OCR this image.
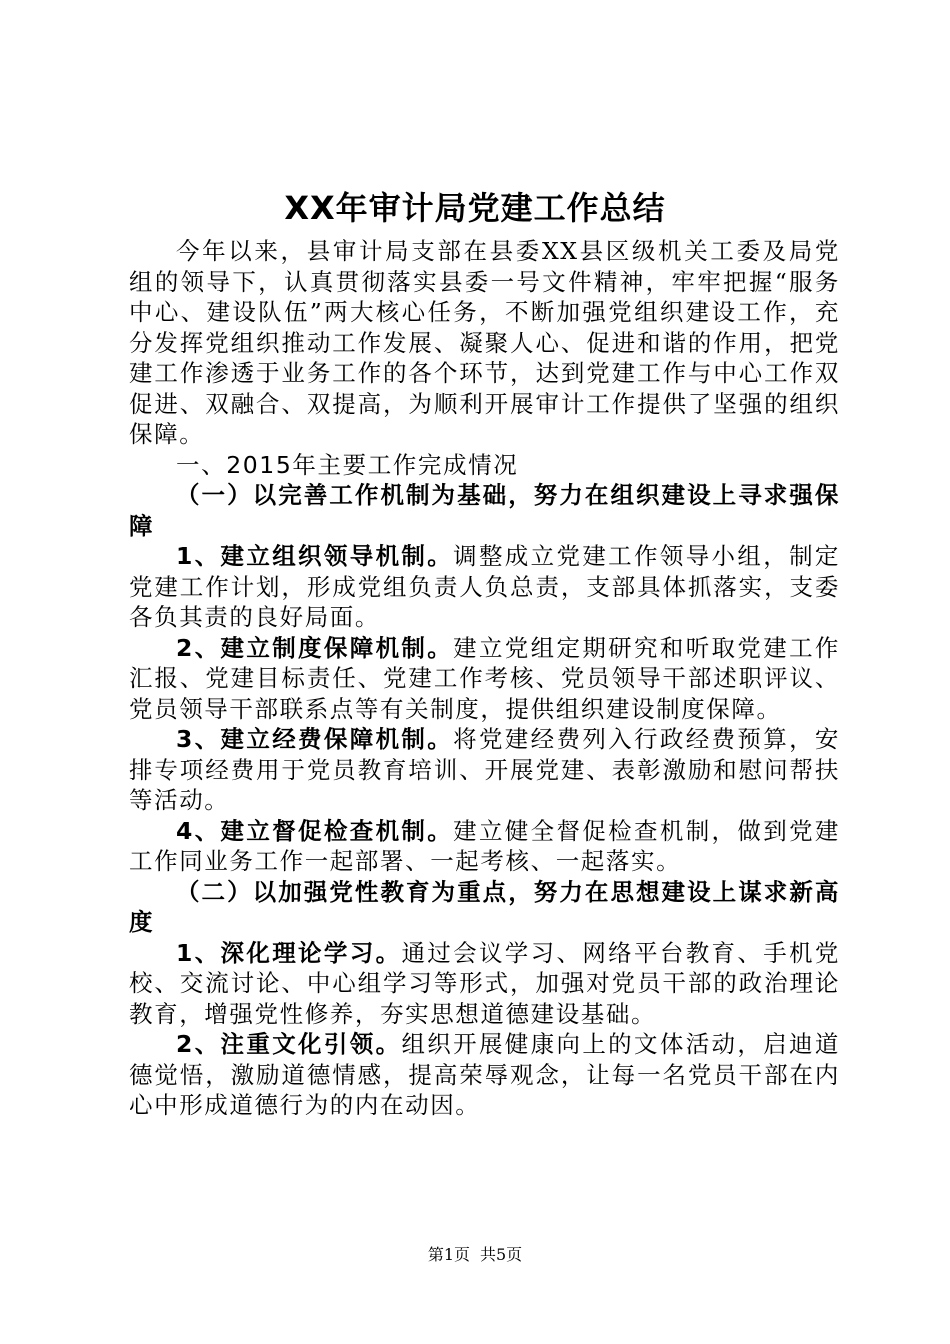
XX年审计局党建工作总结

今年以来，县审计局支部在县委XX县区级机关工委及局党组的领导下，认真贯彻落实县委一号文件精神，牢牢把握“服务中心、建设队伍”两大核心任务，不断加强党组织建设工作，充分发挥党组织推动工作发展、凝聚人心、促进和谐的作用，把党建工作渗透于业务工作的各个环节，达到党建工作与中心工作双促进、双融合、双提高，为顺利开展审计工作提供了坚强的组织保障。

一、2015年主要工作完成情况

（一）以完善工作机制为基础，努力在组织建设上寻求强保障

1、建立组织领导机制。调整成立党建工作领导小组，制定党建工作计划，形成党组负责人负总责，支部具体抓落实，支委各负其责的良好局面。

2、建立制度保障机制。建立党组定期研究和听取党建工作汇报、党建目标责任、党建工作考核、党员领导干部述职评议、党员领导干部联系点等有关制度，提供组织建设制度保障。

3、建立经费保障机制。将党建经费列入行政经费预算，安排专项经费用于党员教育培训、开展党建、表彰激励和慰问帮扶等活动。

4、建立督促检查机制。建立健全督促检查机制，做到党建工作同业务工作一起部署、一起考核、一起落实。

（二）以加强党性教育为重点，努力在思想建设上谋求新高度

1、深化理论学习。通过会议学习、网络平台教育、手机党校、交流讨论、中心组学习等形式，加强对党员干部的政治理论教育，增强党性修养，夯实思想道德建设基础。

2、注重文化引领。组织开展健康向上的文体活动，启迪道德觉悟，激励道德情感，提高荣辱观念，让每一名党员干部在内心中形成道德行为的内在动因。

第1页 共5页
